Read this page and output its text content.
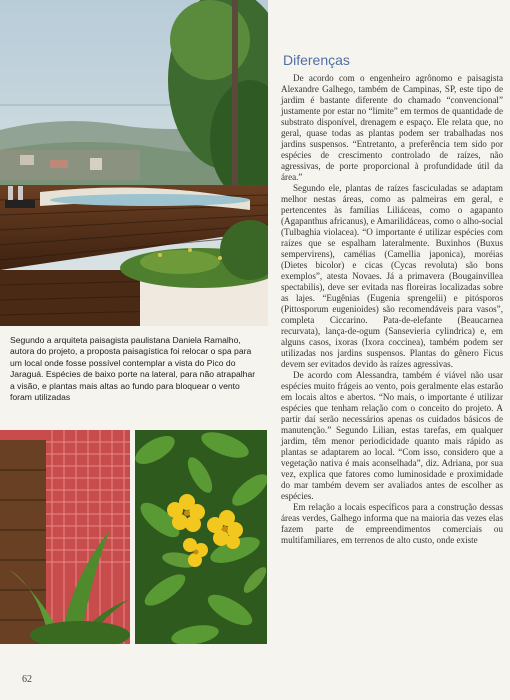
Segundo a arquiteta paisagista paulistana Daniela Ramalho, autora do projeto, a proposta paisagística foi relocar o spa para um local onde fosse possível contemplar a vista do Pico do Jaraguá. Espécies de baixo porte na lateral, para não atrapalhar a visão, e plantas mais altas ao fundo para bloquear o vento foram utilizadas

Diferenças

De acordo com o engenheiro agrônomo e paisagista Alexandre Galhego, também de Campinas, SP, este tipo de jardim é bastante diferente do chamado “convencional” justamente por estar no “limite” em termos de quantidade de substrato disponível, drenagem e espaço. Ele relata que, no geral, quase todas as plantas podem ser trabalhadas nos jardins suspensos. “Entretanto, a preferência tem sido por espécies de crescimento controlado de raízes, não agressivas, de porte proporcional à profundidade útil da área.”

Segundo ele, plantas de raízes fasciculadas se adaptam melhor nestas áreas, como as palmeiras em geral, e pertencentes às famílias Liliáceas, como o agapanto (Agapanthus africanus), e Amarilidáceas, como o alho-social (Tulbaghia violacea). “O importante é utilizar espécies com raízes que se espalham lateralmente. Buxinhos (Buxus sempervirens), camélias (Camellia japonica), moréias (Dietes bicolor) e cicas (Cycas revoluta) são bons exemplos”, atesta Novaes. Já a primavera (Bougainvillea spectabilis), deve ser evitada nas floreiras localizadas sobre as lajes. “Eugênias (Eugenia sprengelii) e pitósporos (Pittosporum eugenioides) são recomendáveis para vasos”, completa Ciccarino. Pata-de-elefante (Beaucarnea recurvata), lança-de-ogum (Sansevieria cylindrica) e, em alguns casos, ixoras (Ixora coccinea), também podem ser utilizadas nos jardins suspensos. Plantas do gênero Ficus devem ser evitados devido às raízes agressivas.

De acordo com Alessandra, também é viável não usar espécies muito frágeis ao vento, pois geralmente elas estarão em locais altos e abertos. “No mais, o importante é utilizar espécies que tenham relação com o conceito do projeto. A partir daí serão necessários apenas os cuidados básicos de manutenção.” Segundo Lilian, estas tarefas, em qualquer jardim, têm menor periodicidade quanto mais rápido as plantas se adaptarem ao local. “Com isso, considero que a vegetação nativa é mais aconselhada”, diz. Adriana, por sua vez, explica que fatores como luminosidade e proximidade do mar também devem ser avaliados antes de escolher as espécies.

Em relação a locais específicos para a construção dessas áreas verdes, Galhego informa que na maioria das vezes elas fazem parte de empreendimentos comerciais ou multifamiliares, em terrenos de alto custo, onde existe

62
